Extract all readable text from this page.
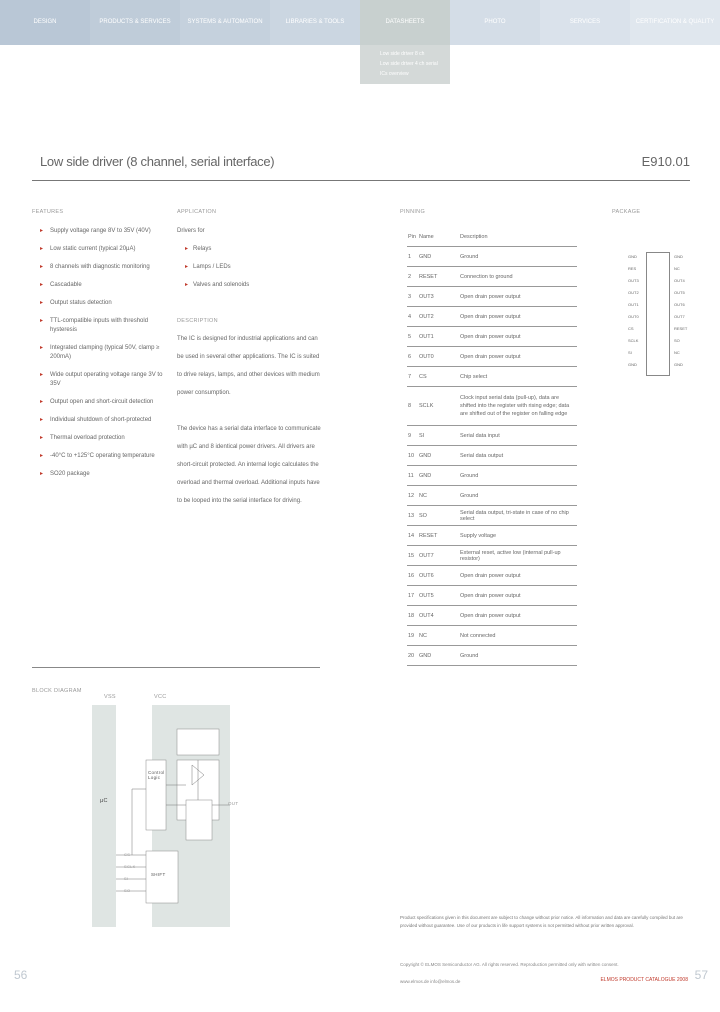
DESIGN	PRODUCTS & SERVICES	SYSTEMS & AUTOMATION	LIBRARIES & TOOLS	DATASHEETS	PHOTO	SERVICES	CERTIFICATION & QUALITY
Low side driver 8 ch
Low side driver 4 ch serial
ICs overview
Low side driver (8 channel, serial interface)	E910.01
FEATURES
▸ Supply voltage range 8V to 35V (40V)
▸ Low static current (typical 20μA)
▸ 8 channels with diagnostic monitoring
▸ Cascadable
▸ Output status detection
▸ TTL-compatible inputs with threshold hysteresis
▸ Integrated clamping (typical 50V, clamp ≥ 200mA)
▸ Wide output operating voltage range 3V to 35V
▸ Output open and short-circuit detection
▸ Individual shutdown of short-protected
▸ Thermal overload protection
▸ -40°C to +125°C operating temperature
▸ SO20 package
APPLICATION
Drivers for
▸ Relays
▸ Lamps / LEDs
▸ Valves and solenoids
DESCRIPTION

The IC is designed for industrial applications and can be used in several other applications. The IC is suited to drive relays, lamps, and other devices with medium power consumption.

The device has a serial data interface to communicate with µC and 8 identical power drivers. All drivers are short-circuit protected. An internal logic calculates the overload and thermal overload. Additional inputs have to be looped into the serial interface for driving.

PINNING
Pin	Name	Description
1	GND	Ground
2	RESET	Connection to ground
3	OUT3	Open drain power output
4	OUT2	Open drain power output
5	OUT1	Open drain power output
6	OUT0	Open drain power output
7	CS	Chip select
8	SCLK	Clock input serial data (pull-up), data are shifted into the register with rising edge; data are shifted out of the register on falling edge
9	SI	Serial data input
10	GND	Serial data output
11	GND	Ground
12	NC	Ground
13	SO	Serial data output, tri-state in case of no chip select
14	RESET	Supply voltage
15	OUT7	External reset, active low (internal pull-up resistor)
16	OUT6	Open drain power output
17	OUT5	Open drain power output
18	OUT4	Open drain power output
19	NC	Not connected
20	GND	Ground
PACKAGE
GND
RES
OUT3
OUT2
OUT1
OUT0
CS
SCLK
SI
GND
GND
NC
OUT4
OUT5
OUT6
OUT7
RESET
SO
NC
GND
BLOCK DIAGRAM
VSS	VCC
µC
Control Logic
SHIFT
OUT
CS
SCLK
SI
SO
Product specifications given in this document are subject to change without prior notice. All information and data are carefully compiled but are provided without guarantee. Use of our products in life support systems is not permitted without prior written approval.
Copyright © ELMOS Semiconductor AG. All rights reserved. Reproduction permitted only with written consent.
www.elmos.de info@elmos.de	ELMOS PRODUCT CATALOGUE 2008
56	57
